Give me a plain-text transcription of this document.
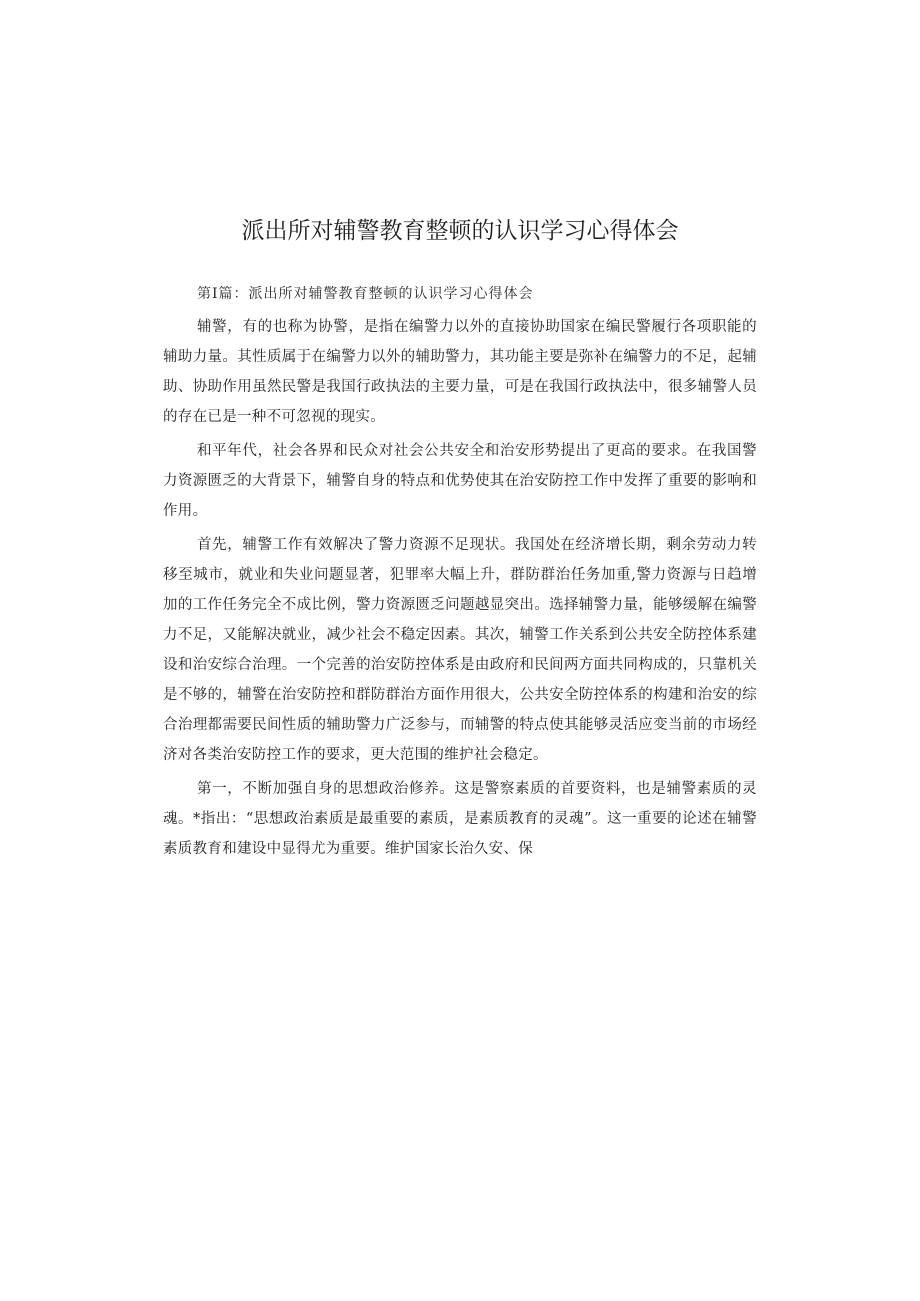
派出所对辅警教育整顿的认识学习心得体会

第Ⅰ篇：派出所对辅警教育整顿的认识学习心得体会

辅警，有的也称为协警，是指在编警力以外的直接协助国家在编民警履行各项职能的辅助力量。其性质属于在编警力以外的辅助警力，其功能主要是弥补在编警力的不足，起辅助、协助作用虽然民警是我国行政执法的主要力量，可是在我国行政执法中，很多辅警人员的存在已是一种不可忽视的现实。

和平年代，社会各界和民众对社会公共安全和治安形势提出了更高的要求。在我国警力资源匮乏的大背景下，辅警自身的特点和优势使其在治安防控工作中发挥了重要的影响和作用。

首先，辅警工作有效解决了警力资源不足现状。我国处在经济增长期，剩余劳动力转移至城市，就业和失业问题显著，犯罪率大幅上升，群防群治任务加重,警力资源与日趋增加的工作任务完全不成比例，警力资源匮乏问题越显突出。选择辅警力量，能够缓解在编警力不足，又能解决就业，减少社会不稳定因素。其次，辅警工作关系到公共安全防控体系建设和治安综合治理。一个完善的治安防控体系是由政府和民间两方面共同构成的，只靠机关是不够的，辅警在治安防控和群防群治方面作用很大，公共安全防控体系的构建和治安的综合治理都需要民间性质的辅助警力广泛参与，而辅警的特点使其能够灵活应变当前的市场经济对各类治安防控工作的要求，更大范围的维护社会稳定。

第一，不断加强自身的思想政治修养。这是警察素质的首要资料，也是辅警素质的灵魂。*指出：“思想政治素质是最重要的素质，是素质教育的灵魂”。这一重要的论述在辅警素质教育和建设中显得尤为重要。维护国家长治久安、保
